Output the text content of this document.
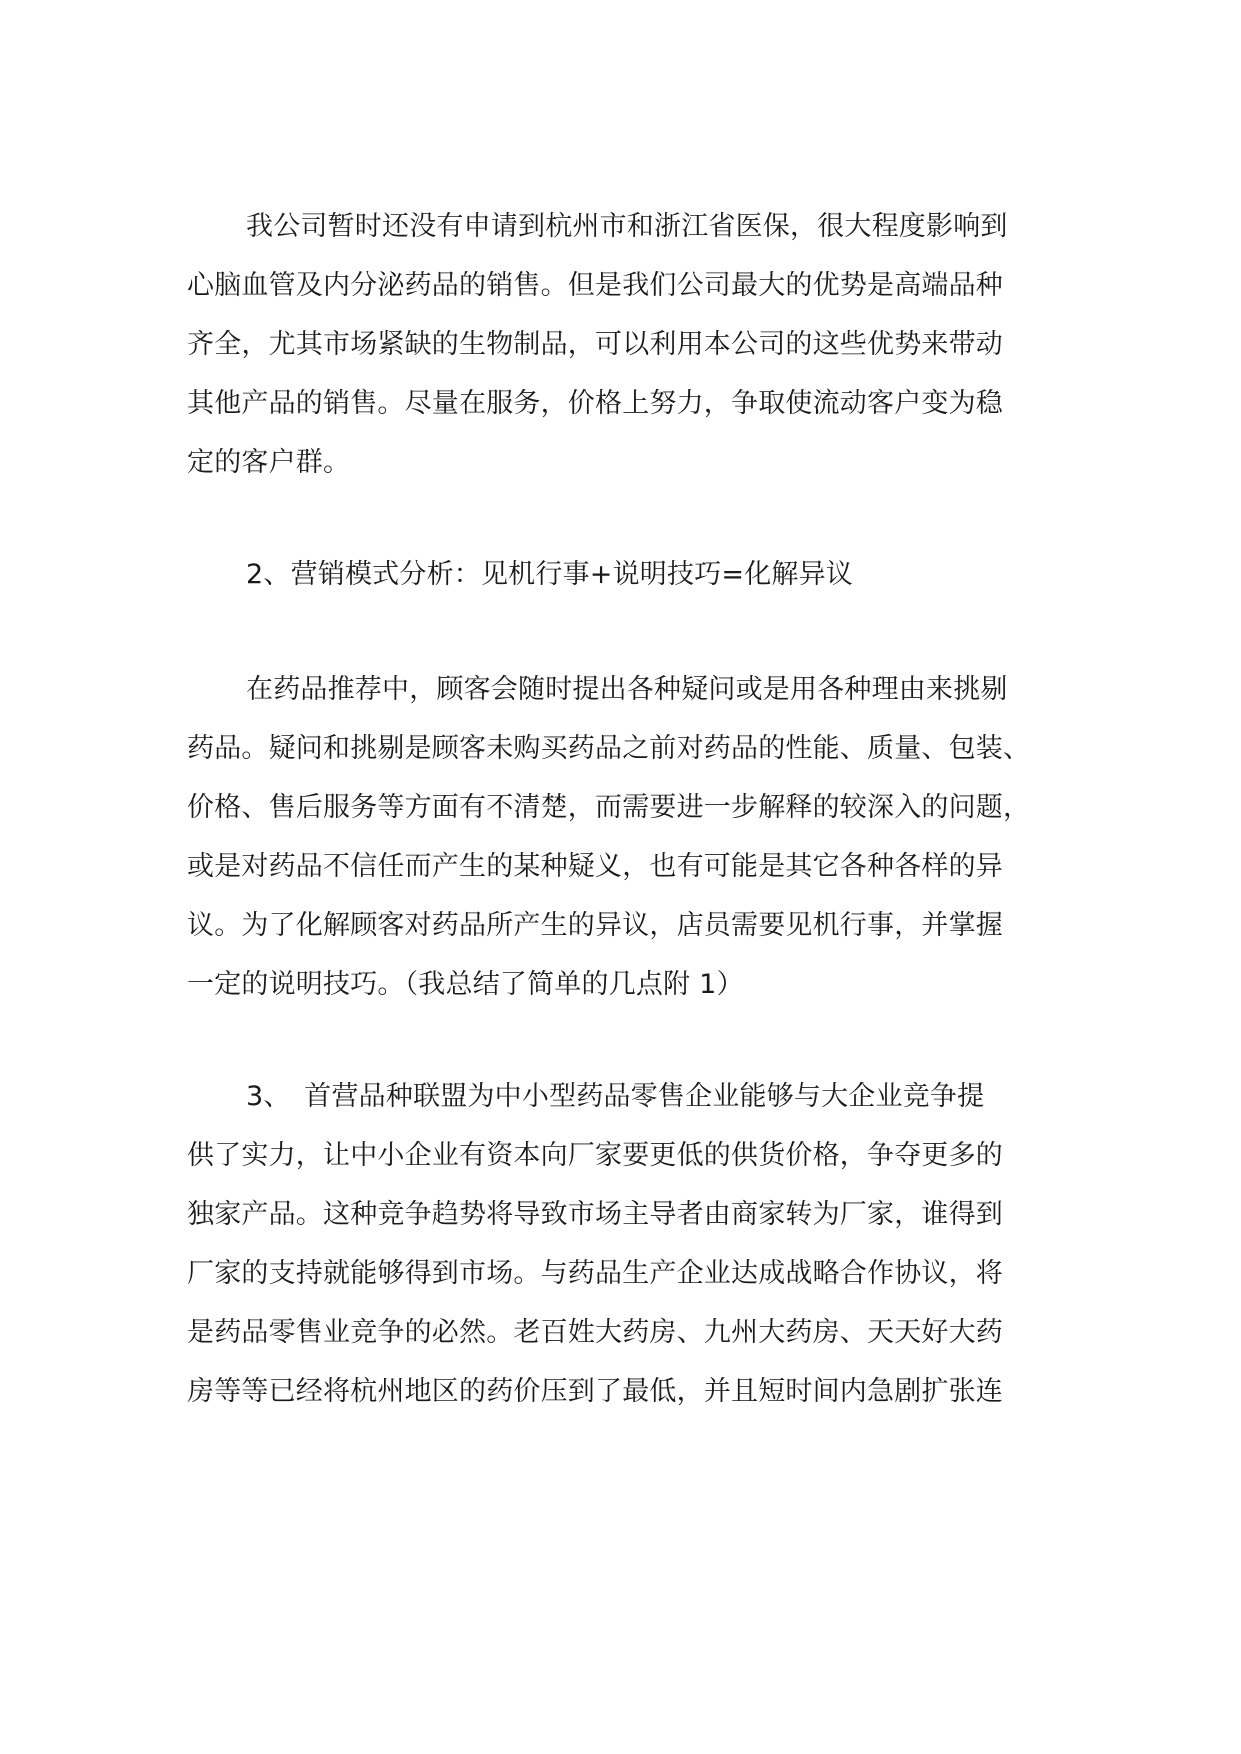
我公司暂时还没有申请到杭州市和浙江省医保，很大程度影响到
心脑血管及内分泌药品的销售。但是我们公司最大的优势是高端品种
齐全，尤其市场紧缺的生物制品，可以利用本公司的这些优势来带动
其他产品的销售。尽量在服务，价格上努力，争取使流动客户变为稳
定的客户群。
2、营销模式分析：见机行事+说明技巧=化解异议
在药品推荐中，顾客会随时提出各种疑问或是用各种理由来挑剔
药品。疑问和挑剔是顾客未购买药品之前对药品的性能、质量、包装、
价格、售后服务等方面有不清楚，而需要进一步解释的较深入的问题，
或是对药品不信任而产生的某种疑义，也有可能是其它各种各样的异
议。为了化解顾客对药品所产生的异议，店员需要见机行事，并掌握
一定的说明技巧。（我总结了简单的几点附 1）
3、　首营品种联盟为中小型药品零售企业能够与大企业竞争提
供了实力，让中小企业有资本向厂家要更低的供货价格，争夺更多的
独家产品。这种竞争趋势将导致市场主导者由商家转为厂家，谁得到
厂家的支持就能够得到市场。与药品生产企业达成战略合作协议，将
是药品零售业竞争的必然。老百姓大药房、九州大药房、天天好大药
房等等已经将杭州地区的药价压到了最低，并且短时间内急剧扩张连
